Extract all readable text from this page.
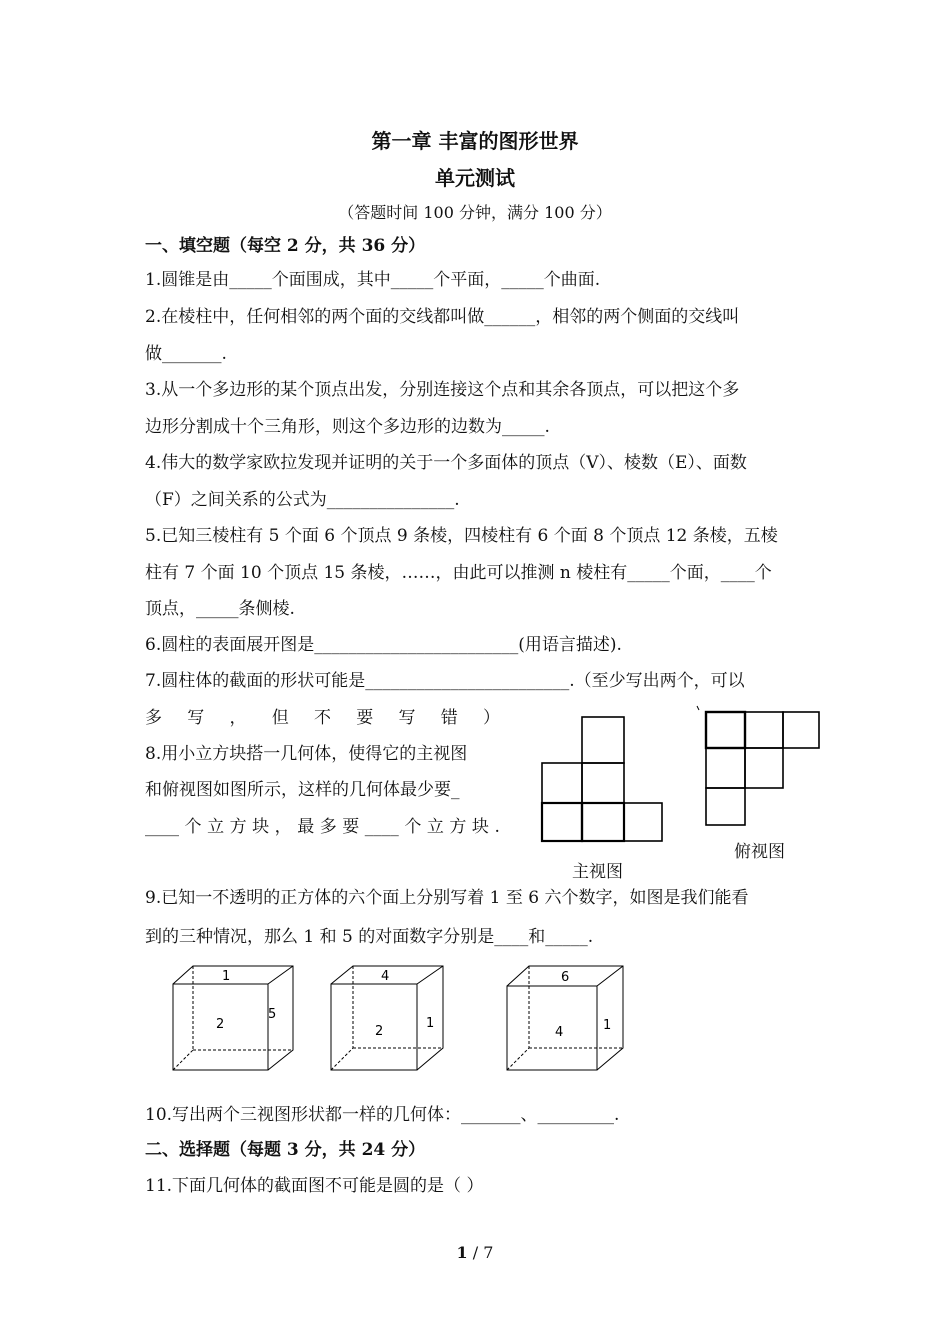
第一章 丰富的图形世界
单元测试
（答题时间 100 分钟，满分 100 分）
一、填空题（每空 2 分，共 36 分）
1.圆锥是由_____个面围成，其中_____个平面，_____个曲面.
2.在棱柱中，任何相邻的两个面的交线都叫做______，相邻的两个侧面的交线叫
做_______.
3.从一个多边形的某个顶点出发，分别连接这个点和其余各顶点，可以把这个多
边形分割成十个三角形，则这个多边形的边数为_____.
4.伟大的数学家欧拉发现并证明的关于一个多面体的顶点（V）、棱数（E）、面数
（F）之间关系的公式为_______________.
5.已知三棱柱有 5 个面 6 个顶点 9 条棱，四棱柱有 6 个面 8 个顶点 12 条棱，五棱
柱有 7 个面 10 个顶点 15 条棱，……，由此可以推测 n 棱柱有_____个面，____个
顶点，_____条侧棱.
6.圆柱的表面展开图是________________________(用语言描述).
7.圆柱体的截面的形状可能是________________________.（至少写出两个，可以
多 写 ， 但 不 要 写 错 ）
8.用小立方块搭一几何体，使得它的主视图
和俯视图如图所示，这样的几何体最少要_
____ 个 立 方 块 ， 最 多 要 ____ 个 立 方 块 .
主视图
俯视图
9.已知一不透明的正方体的六个面上分别写着 1 至 6 六个数字，如图是我们能看
到的三种情况，那么 1 和 5 的对面数字分别是____和_____.
1
2
5
4
2
1
6
4	1
10.写出两个三视图形状都一样的几何体：_______、_________.
二、选择题（每题 3 分，共 24 分）
11.下面几何体的截面图不可能是圆的是（ ）
1 / 7
